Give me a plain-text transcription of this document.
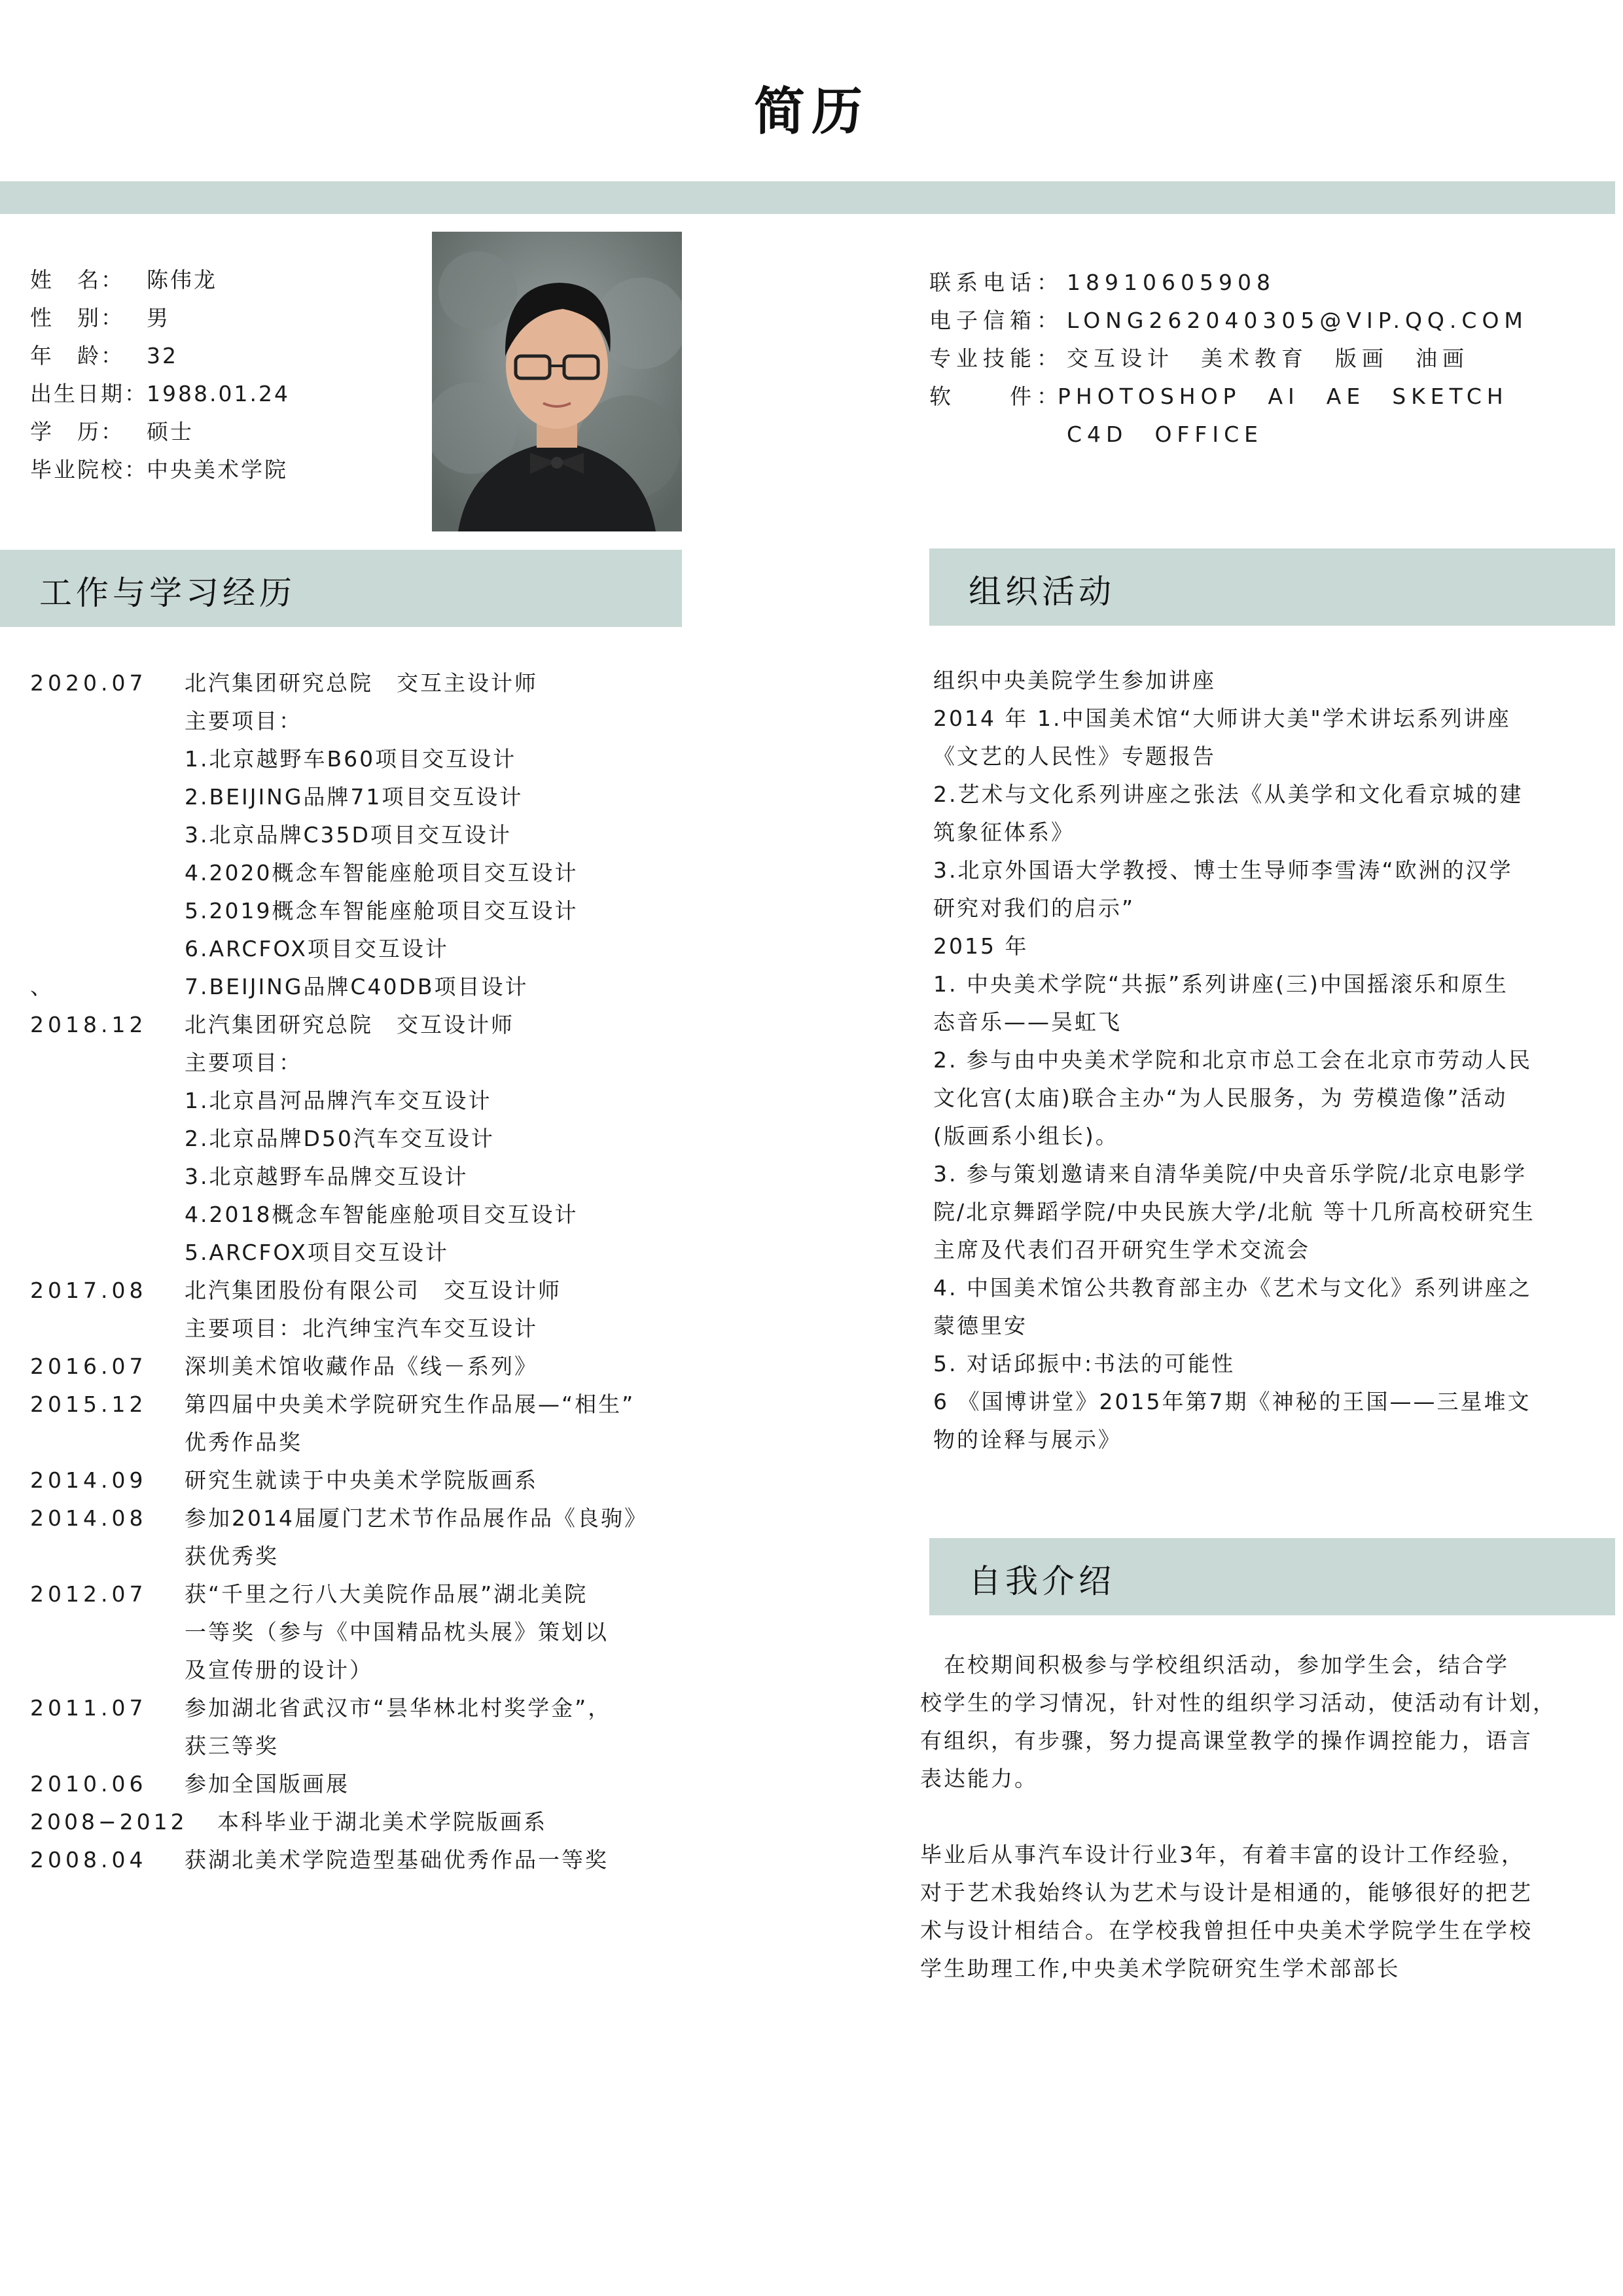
简历
姓　名： 陈伟龙
性　别： 男
年　龄： 32
出生日期：1988.01.24
学　历： 硕士
毕业院校：中央美术学院
联系电话： 18910605908
电子信箱： LONG262040305@VIP.QQ.COM
专业技能： 交互设计　美术教育　版画　油画
软　　件：PHOTOSHOP　AI　AE　SKETCH
C4D　OFFICE
工作与学习经历	组织活动
自我介绍
2020.07 北汽集团研究总院　交互主设计师
主要项目：
1.北京越野车B60项目交互设计
2.BEIJING品牌71项目交互设计
3.北京品牌C35D项目交互设计
4.2020概念车智能座舱项目交互设计
5.2019概念车智能座舱项目交互设计
6.ARCFOX项目交互设计
、	7.BEIJING品牌C40DB项目设计
2018.12 北汽集团研究总院　交互设计师
主要项目：
1.北京昌河品牌汽车交互设计
2.北京品牌D50汽车交互设计
3.北京越野车品牌交互设计
4.2018概念车智能座舱项目交互设计
5.ARCFOX项目交互设计
2017.08 北汽集团股份有限公司　交互设计师
主要项目：北汽绅宝汽车交互设计
2016.07 深圳美术馆收藏作品《线－系列》
2015.12 第四届中央美术学院研究生作品展—“相生”
优秀作品奖
2014.09 研究生就读于中央美术学院版画系
2014.08 参加2014届厦门艺术节作品展作品《良驹》
获优秀奖
2012.07 获“千里之行八大美院作品展”湖北美院
一等奖（参与《中国精品枕头展》策划以
及宣传册的设计）
2011.07 参加湖北省武汉市“昙华林北村奖学金”，
获三等奖
2010.06 参加全国版画展
2008−2012 本科毕业于湖北美术学院版画系
2008.04 获湖北美术学院造型基础优秀作品一等奖
组织中央美院学生参加讲座
2014 年 1.中国美术馆“大师讲大美"学术讲坛系列讲座
《文艺的人民性》专题报告
2.艺术与文化系列讲座之张法《从美学和文化看京城的建
筑象征体系》
3.北京外国语大学教授、博士生导师李雪涛“欧洲的汉学
研究对我们的启示”
2015 年
1. 中央美术学院“共振”系列讲座(三)中国摇滚乐和原生
态音乐——吴虹飞
2. 参与由中央美术学院和北京市总工会在北京市劳动人民
文化宫(太庙)联合主办“为人民服务，为 劳模造像”活动
(版画系小组长)。
3. 参与策划邀请来自清华美院/中央音乐学院/北京电影学
院/北京舞蹈学院/中央民族大学/北航 等十几所高校研究生
主席及代表们召开研究生学术交流会
4. 中国美术馆公共教育部主办《艺术与文化》系列讲座之
蒙德里安
5. 对话邱振中:书法的可能性
6 《国博讲堂》2015年第7期《神秘的王国——三星堆文
物的诠释与展示》
　在校期间积极参与学校组织活动，参加学生会，结合学
校学生的学习情况，针对性的组织学习活动，使活动有计划，
有组织，有步骤，努力提高课堂教学的操作调控能力，语言
表达能力。
毕业后从事汽车设计行业3年，有着丰富的设计工作经验，
对于艺术我始终认为艺术与设计是相通的，能够很好的把艺
术与设计相结合。在学校我曾担任中央美术学院学生在学校
学生助理工作,中央美术学院研究生学术部部长
